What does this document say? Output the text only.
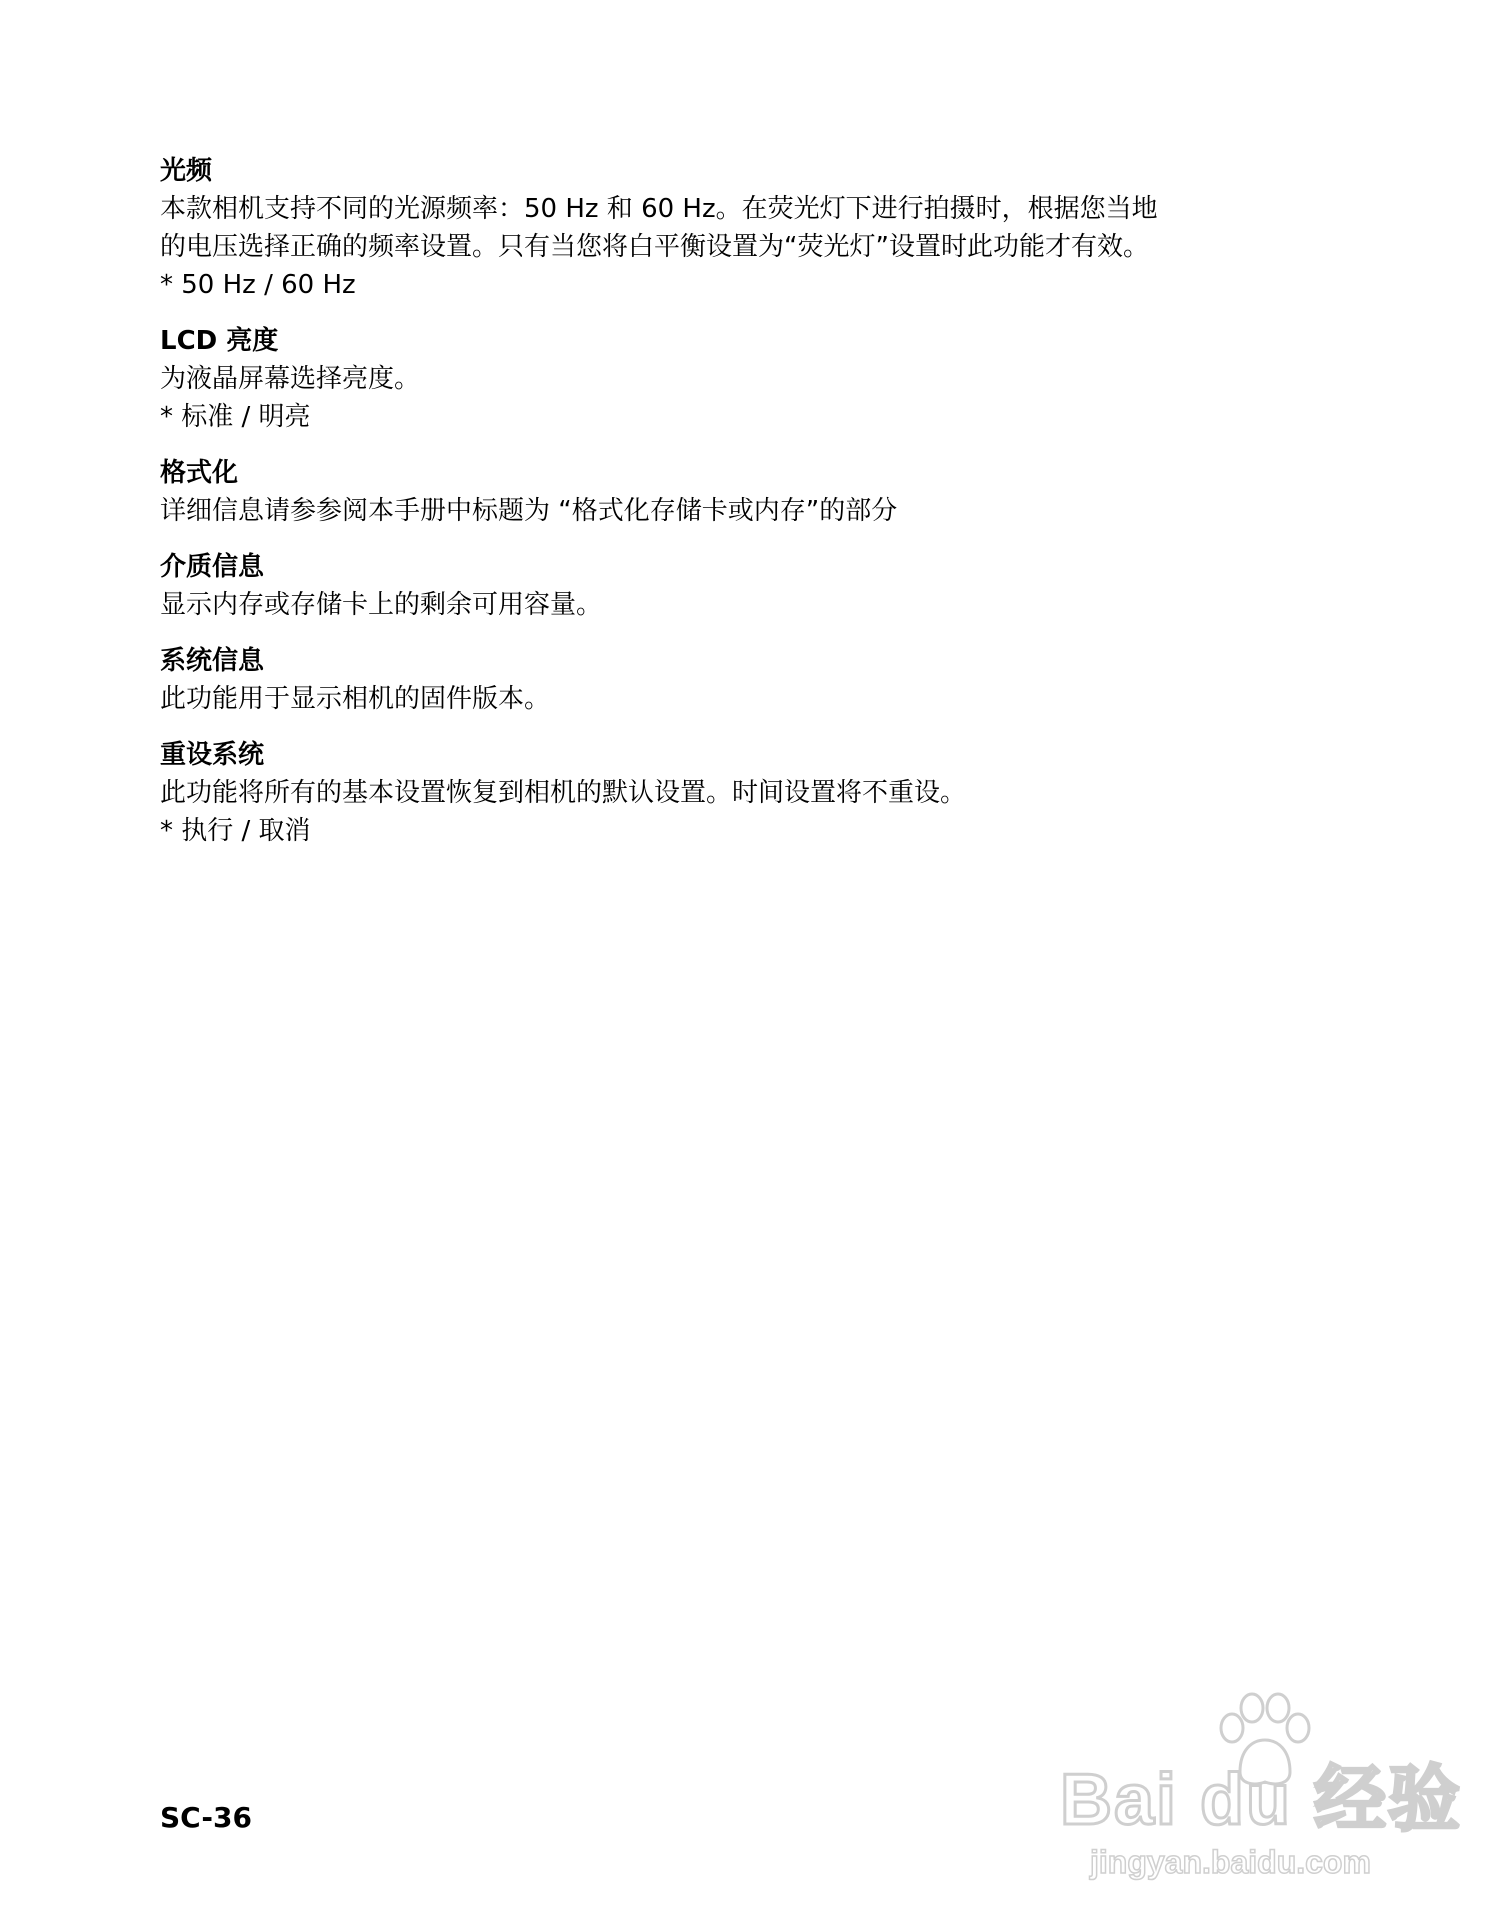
光频

本款相机支持不同的光源频率：50 Hz 和 60 Hz。在荧光灯下进行拍摄时，根据您当地

的电压选择正确的频率设置。只有当您将白平衡设置为“荧光灯”设置时此功能才有效。

* 50 Hz / 60 Hz

LCD 亮度

为液晶屏幕选择亮度。

* 标准 / 明亮

格式化

详细信息请参参阅本手册中标题为 “格式化存储卡或内存”的部分

介质信息

显示内存或存储卡上的剩余可用容量。

系统信息

此功能用于显示相机的固件版本。

重设系统

此功能将所有的基本设置恢复到相机的默认设置。时间设置将不重设。

* 执行 / 取消

SC-36	Bai du 经验
jingyan.baidu.com
